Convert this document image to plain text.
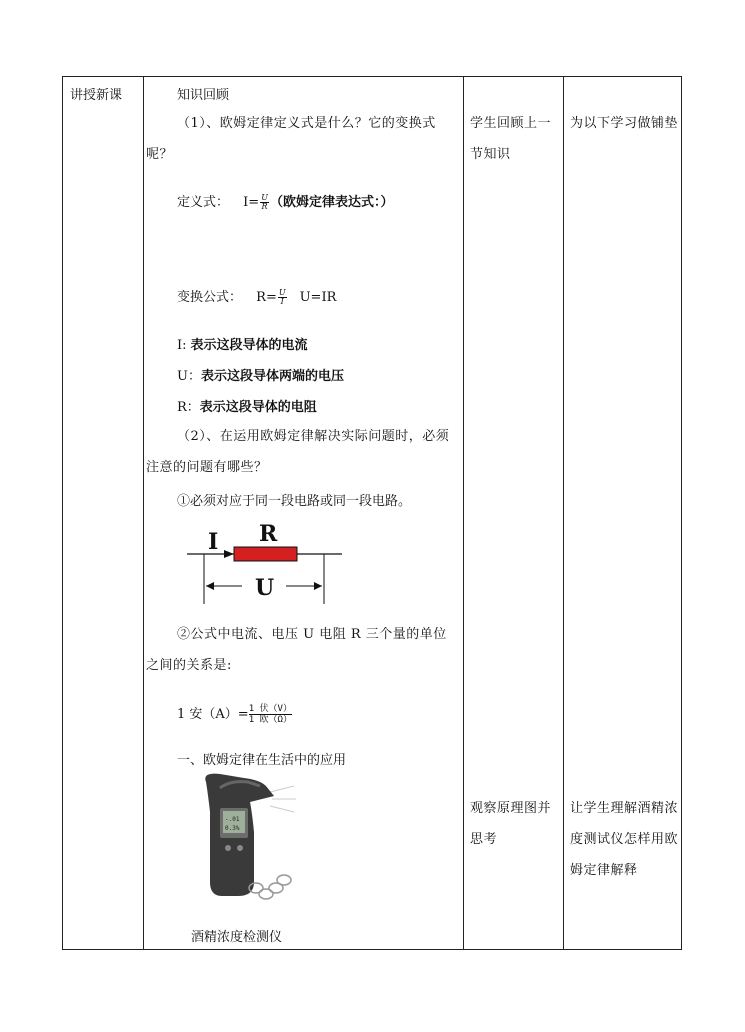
讲授新课	知识回顾
（1）、欧姆定律定义式是什么？它的变换式呢？
定义式： $I= \frac{U}{R}$ （欧姆定律表达式：）
变换公式： $R= \frac{U}{I} U=IR$
I: 表示这段导体的电流
U：表示这段导体两端的电压
R：表示这段导体的电阻
（2）、在运用欧姆定律解决实际问题时，必须注意的问题有哪些？
①必须对应于同一段电路或同一段电路。
I R
U
②公式中电流、电压 U 电阻 R 三个量的单位之间的关系是:
1 安$(A)= \frac{\text{1 伏（V）}}{\text{1 欧（Ω）}}$
一、欧姆定律在生活中的应用
-.01
0.3%
酒精浓度检测仪
学生回顾上一节知识
观察原理图并思考
为以下学习做铺垫
让学生理解酒精浓度测试仪怎样用欧姆定律解释
